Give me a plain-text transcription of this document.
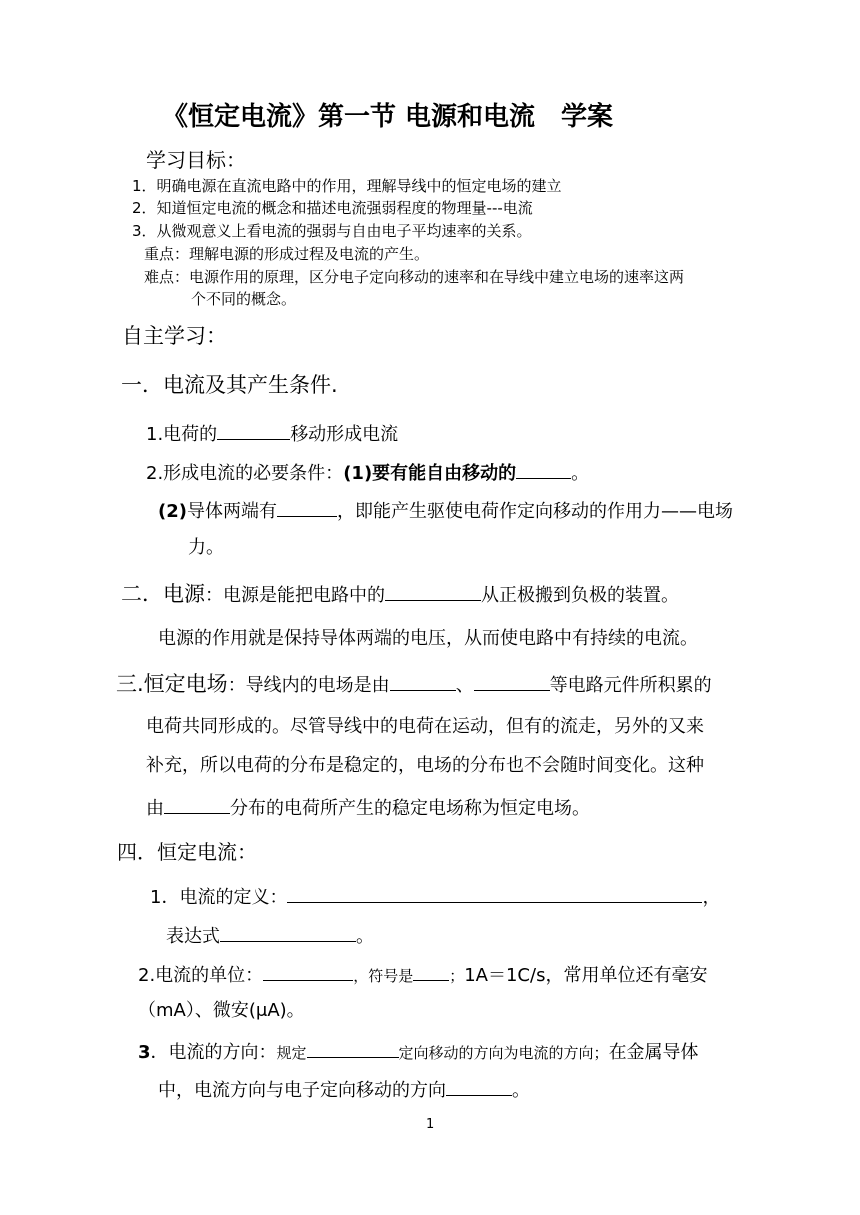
《恒定电流》第一节 电源和电流　学案
学习目标：
1．明确电源在直流电路中的作用，理解导线中的恒定电场的建立
2．知道恒定电流的概念和描述电流强弱程度的物理量---电流
3．从微观意义上看电流的强弱与自由电子平均速率的关系。
重点：理解电源的形成过程及电流的产生。
难点：电源作用的原理，区分电子定向移动的速率和在导线中建立电场的速率这两
个不同的概念。
自主学习：
一．电流及其产生条件.
1.电荷的	移动形成电流
2.形成电流的必要条件：(1)要有能自由移动的	。
(2)导体两端有	，即能产生驱使电荷作定向移动的作用力——电场
力。
二．电源：电源是能把电路中的	从正极搬到负极的装置。
电源的作用就是保持导体两端的电压，从而使电路中有持续的电流。
三.恒定电场：导线内的电场是由	、	等电路元件所积累的
电荷共同形成的。尽管导线中的电荷在运动，但有的流走，另外的又来
补充，所以电荷的分布是稳定的，电场的分布也不会随时间变化。这种
由	分布的电荷所产生的稳定电场称为恒定电场。
四．恒定电流：
1．电流的定义：	，
表达式	。
2.电流的单位：	，符号是 ；1A＝1C/s，常用单位还有毫安
（mA）、微安(μA)。
3．电流的方向：规定	定向移动的方向为电流的方向；在金属导体
中，电流方向与电子定向移动的方向	。
1
